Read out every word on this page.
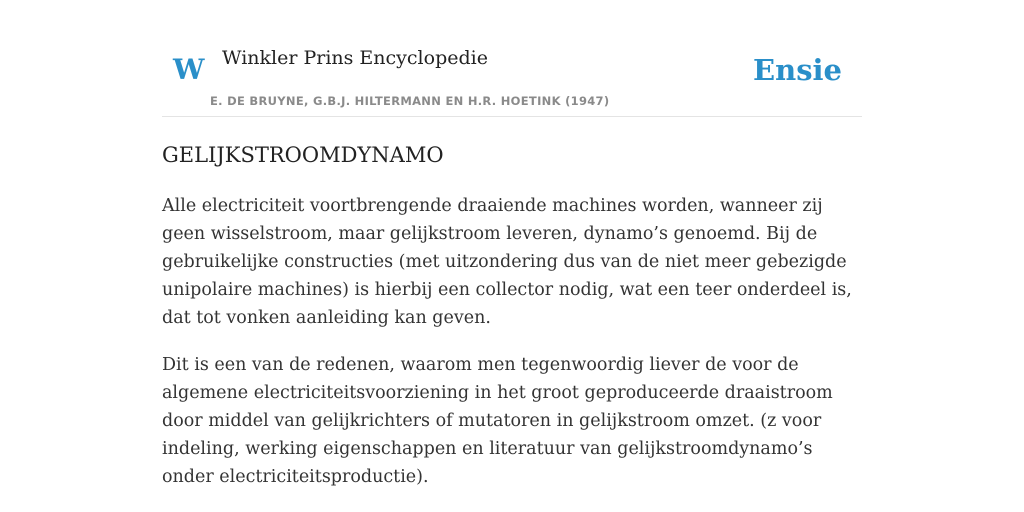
W Winkler Prins Encyclopedie
E. DE BRUYNE, G.B.J. HILTERMANN EN H.R. HOETINK (1947)
Ensie
GELIJKSTROOMDYNAMO

Alle electriciteit voortbrengende draaiende machines worden, wanneer zij geen wisselstroom, maar gelijkstroom leveren, dynamo’s genoemd. Bij de gebruikelijke constructies (met uitzondering dus van de niet meer gebezigde unipolaire machines) is hierbij een collector nodig, wat een teer onderdeel is, dat tot vonken aanleiding kan geven.

Dit is een van de redenen, waarom men tegenwoordig liever de voor de algemene electriciteitsvoorziening in het groot geproduceerde draaistroom door middel van gelijkrichters of mutatoren in gelijkstroom omzet. (z voor indeling, werking eigenschappen en literatuur van gelijkstroomdynamo’s onder electriciteitsproductie).
